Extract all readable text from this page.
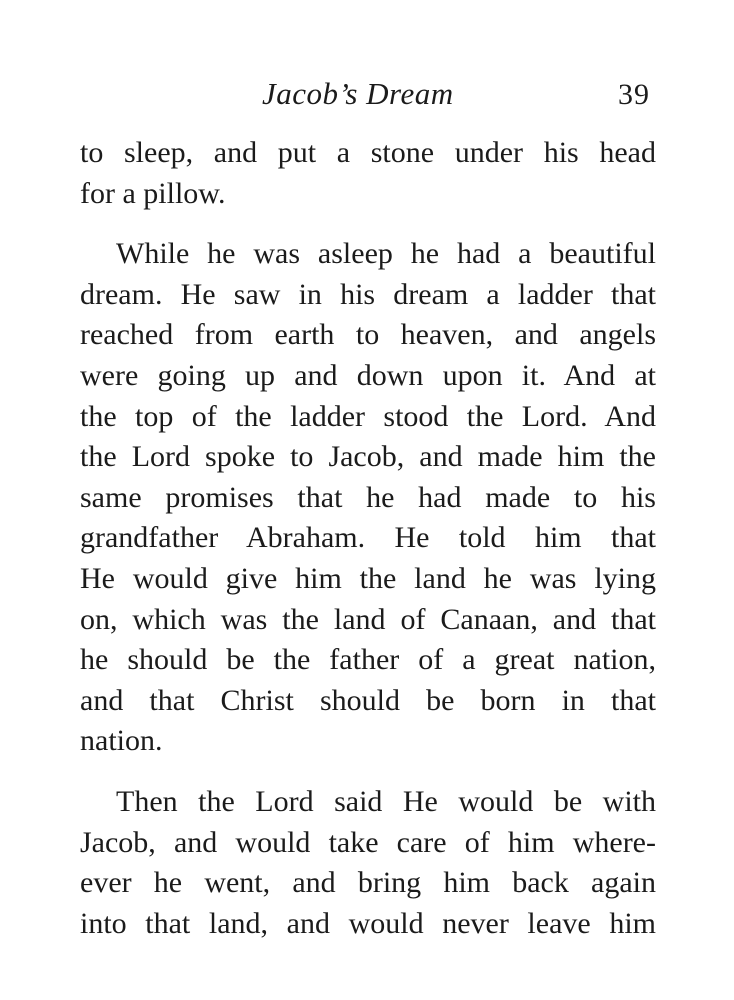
Jacob’s Dream	39
to sleep, and put a stone under his head
for a pillow.
While he was asleep he had a beautiful
dream. He saw in his dream a ladder that
reached from earth to heaven, and angels
were going up and down upon it. And at
the top of the ladder stood the Lord. And
the Lord spoke to Jacob, and made him the
same promises that he had made to his
grandfather Abraham. He told him that
He would give him the land he was lying
on, which was the land of Canaan, and that
he should be the father of a great nation,
and that Christ should be born in that
nation.
Then the Lord said He would be with
Jacob, and would take care of him where-
ever he went, and bring him back again
into that land, and would never leave him
